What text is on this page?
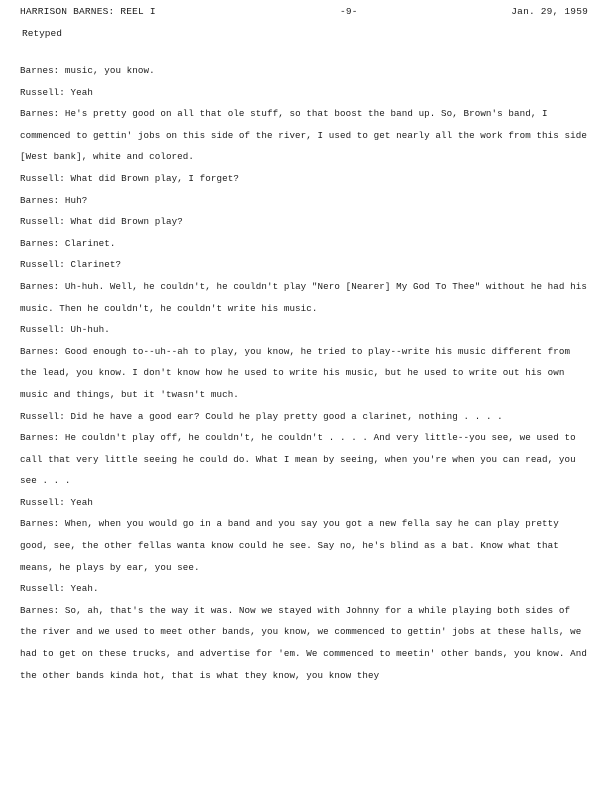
HARRISON BARNES: REEL I	-9-	Jan. 29, 1959
Retyped

Barnes: music, you know.

Russell: Yeah

Barnes: He's pretty good on all that ole stuff, so that boost the band up. So, Brown's band, I commenced to gettin' jobs on this side of the river, I used to get nearly all the work from this side [West bank], white and colored.

Russell: What did Brown play, I forget?

Barnes: Huh?

Russell: What did Brown play?

Barnes: Clarinet.

Russell: Clarinet?

Barnes: Uh-huh. Well, he couldn't, he couldn't play "Nero [Nearer] My God To Thee" without he had his music. Then he couldn't, he couldn't write his music.

Russell: Uh-huh.

Barnes: Good enough to--uh--ah to play, you know, he tried to play--write his music different from the lead, you know. I don't know how he used to write his music, but he used to write out his own music and things, but it 'twasn't much.

Russell: Did he have a good ear? Could he play pretty good a clarinet, nothing . . . .

Barnes: He couldn't play off, he couldn't, he couldn't . . . . And very little--you see, we used to call that very little seeing he could do. What I mean by seeing, when you're when you can read, you see . . .

Russell: Yeah

Barnes: When, when you would go in a band and you say you got a new fella say he can play pretty good, see, the other fellas wanta know could he see. Say no, he's blind as a bat. Know what that means, he plays by ear, you see.

Russell: Yeah.

Barnes: So, ah, that's the way it was. Now we stayed with Johnny for a while playing both sides of the river and we used to meet other bands, you know, we commenced to gettin' jobs at these halls, we had to get on these trucks, and advertise for 'em. We commenced to meetin' other bands, you know. And the other bands kinda hot, that is what they know, you know they
